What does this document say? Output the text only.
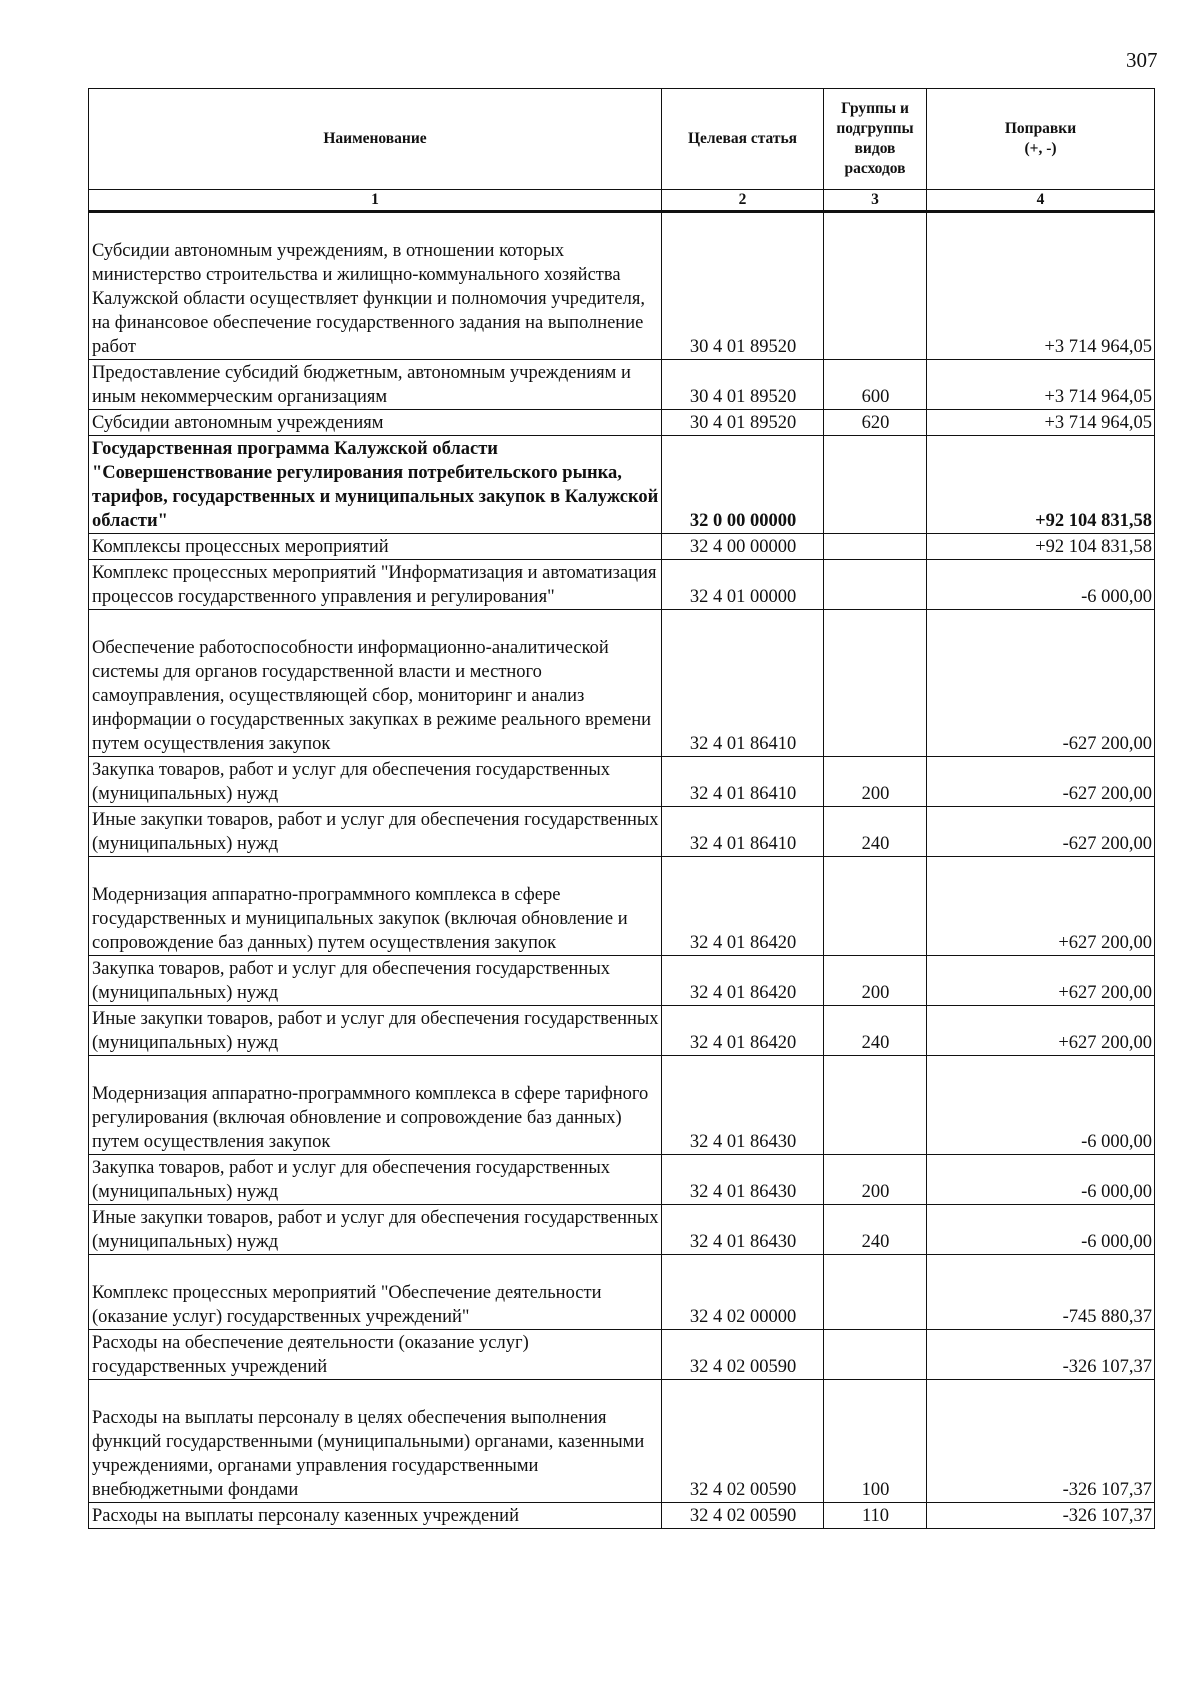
307
Наименование	Целевая статья	Группы и подгруппы видов расходов	Поправки
(+, -)
1	2	3	4
Субсидии автономным учреждениям, в отношении которых министерство строительства и жилищно-коммунального хозяйства Калужской области осуществляет функции и полномочия учредителя, на финансовое обеспечение государственного задания на выполнение работ	30 4 01 89520		+3 714 964,05
Предоставление субсидий бюджетным, автономным учреждениям и иным некоммерческим организациям	30 4 01 89520	600	+3 714 964,05
Субсидии автономным учреждениям	30 4 01 89520	620	+3 714 964,05
Государственная программа Калужской области "Совершенствование регулирования потребительского рынка, тарифов, государственных и муниципальных закупок в Калужской области"	32 0 00 00000		+92 104 831,58
Комплексы процессных мероприятий	32 4 00 00000		+92 104 831,58
Комплекс процессных мероприятий "Информатизация и автоматизация процессов государственного управления и регулирования"	32 4 01 00000		-6 000,00
Обеспечение работоспособности информационно-аналитической системы для органов государственной власти и местного самоуправления, осуществляющей сбор, мониторинг и анализ информации о государственных закупках в режиме реального времени путем осуществления закупок	32 4 01 86410		-627 200,00
Закупка товаров, работ и услуг для обеспечения государственных (муниципальных) нужд	32 4 01 86410	200	-627 200,00
Иные закупки товаров, работ и услуг для обеспечения государственных (муниципальных) нужд	32 4 01 86410	240	-627 200,00
Модернизация аппаратно-программного комплекса в сфере государственных и муниципальных закупок (включая обновление и сопровождение баз данных) путем осуществления закупок	32 4 01 86420		+627 200,00
Закупка товаров, работ и услуг для обеспечения государственных (муниципальных) нужд	32 4 01 86420	200	+627 200,00
Иные закупки товаров, работ и услуг для обеспечения государственных (муниципальных) нужд	32 4 01 86420	240	+627 200,00
Модернизация аппаратно-программного комплекса в сфере тарифного регулирования (включая обновление и сопровождение баз данных) путем осуществления закупок	32 4 01 86430		-6 000,00
Закупка товаров, работ и услуг для обеспечения государственных (муниципальных) нужд	32 4 01 86430	200	-6 000,00
Иные закупки товаров, работ и услуг для обеспечения государственных (муниципальных) нужд	32 4 01 86430	240	-6 000,00
Комплекс процессных мероприятий "Обеспечение деятельности (оказание услуг) государственных учреждений"	32 4 02 00000		-745 880,37
Расходы на обеспечение деятельности (оказание услуг) государственных учреждений	32 4 02 00590		-326 107,37
Расходы на выплаты персоналу в целях обеспечения выполнения функций государственными (муниципальными) органами, казенными учреждениями, органами управления государственными внебюджетными фондами	32 4 02 00590	100	-326 107,37
Расходы на выплаты персоналу казенных учреждений	32 4 02 00590	110	-326 107,37
